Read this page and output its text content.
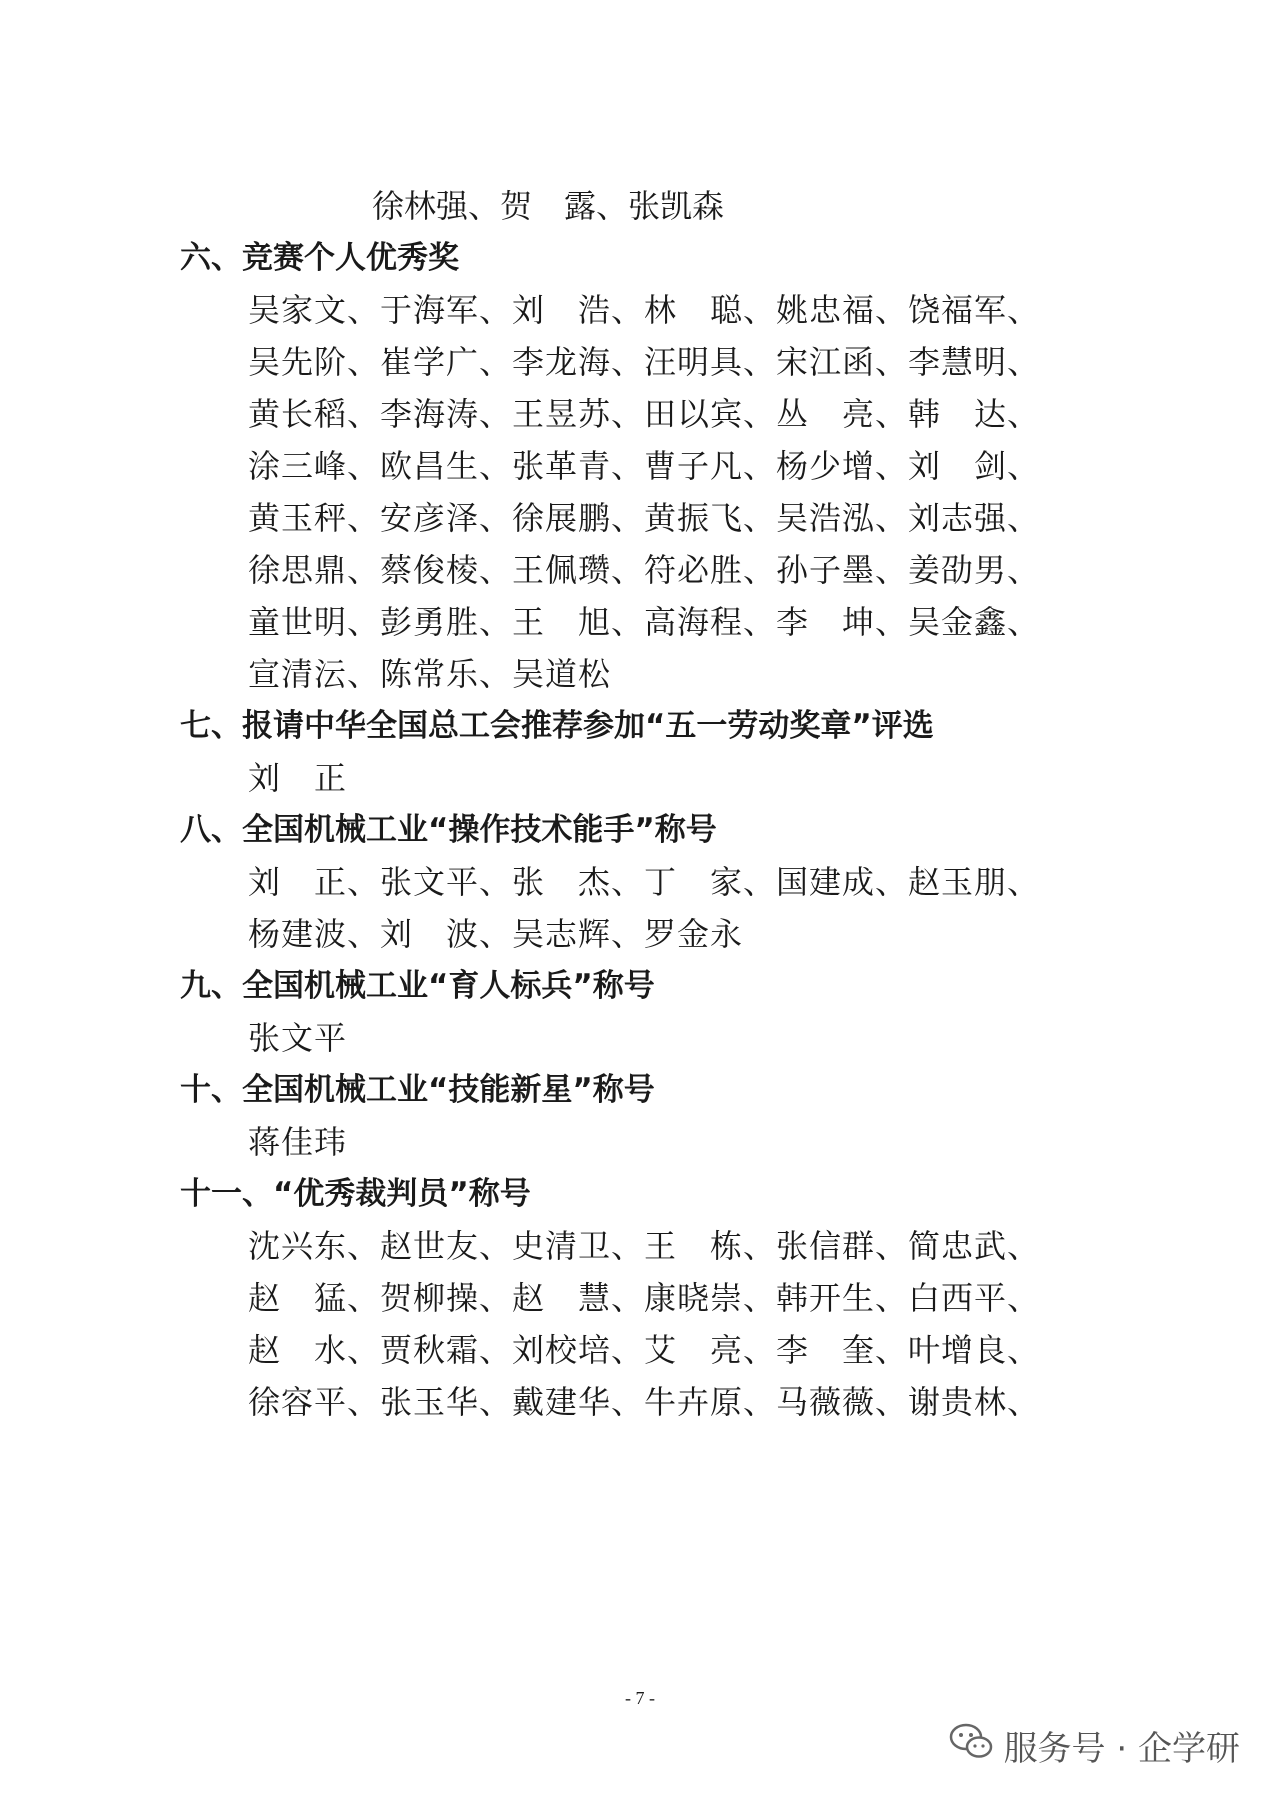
徐林强、贺　露、张凯森
六、竞赛个人优秀奖
吴家文、于海军、刘　浩、林　聪、姚忠福、饶福军、
吴先阶、崔学广、李龙海、汪明具、宋江函、李慧明、
黄长稻、李海涛、王昱苏、田以宾、丛　亮、韩　达、
涂三峰、欧昌生、张革青、曹子凡、杨少增、刘　剑、
黄玉秤、安彦泽、徐展鹏、黄振飞、吴浩泓、刘志强、
徐思鼎、蔡俊棱、王佩瓒、符必胜、孙子墨、姜劭男、
童世明、彭勇胜、王　旭、高海程、李　坤、吴金鑫、
宣清沄、陈常乐、吴道松
七、报请中华全国总工会推荐参加“五一劳动奖章”评选
刘　正
八、全国机械工业“操作技术能手”称号
刘　正、张文平、张　杰、丁　家、国建成、赵玉朋、
杨建波、刘　波、吴志辉、罗金永
九、全国机械工业“育人标兵”称号
张文平
十、全国机械工业“技能新星”称号
蒋佳玮
十一、“优秀裁判员”称号
沈兴东、赵世友、史清卫、王　栋、张信群、简忠武、
赵　猛、贺柳操、赵　慧、康晓崇、韩开生、白西平、
赵　水、贾秋霜、刘校培、艾　亮、李　奎、叶增良、
徐容平、张玉华、戴建华、牛卉原、马薇薇、谢贵林、
- 7 -
服务号 · 企学研
